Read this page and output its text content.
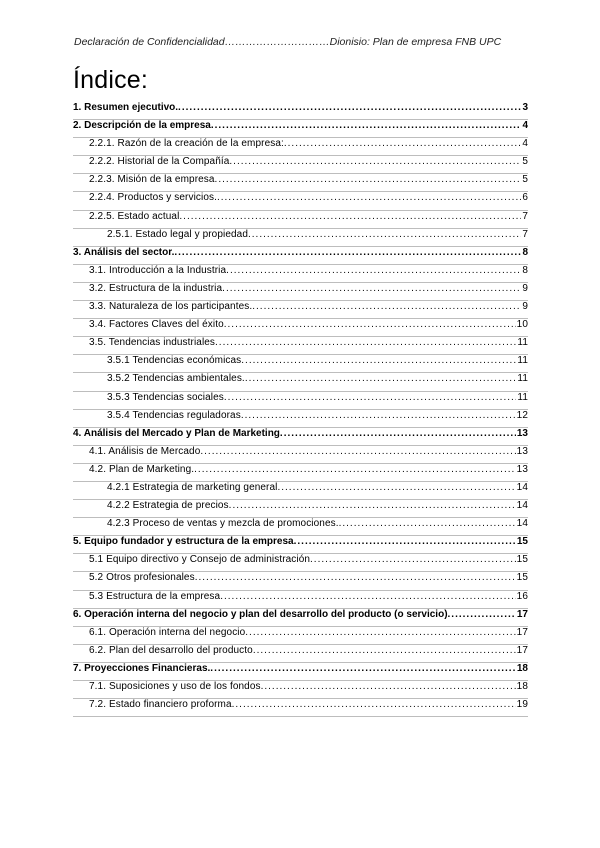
Declaración de Confidencialidad…………………………Dionisio: Plan de empresa FNB UPC
Índice:
1. Resumen ejecutivo. .....	3
2. Descripción de la empresa .....	4
2.2.1. Razón de la creación de la empresa: .....	4
2.2.2. Historial de la Compañía .....	5
2.2.3. Misión de la empresa .....	5
2.2.4. Productos y servicios. .....	6
2.2.5. Estado actual .....	7
2.5.1. Estado legal y propiedad .....	7
3. Análisis del sector. .....	8
3.1. Introducción a la Industria .....	8
3.2. Estructura de la industria .....	9
3.3. Naturaleza de los participantes. .....	9
3.4. Factores Claves del éxito .....	10
3.5. Tendencias industriales .....	11
3.5.1 Tendencias económicas .....	11
3.5.2 Tendencias ambientales. .....	11
3.5.3 Tendencias sociales .....	11
3.5.4 Tendencias reguladoras .....	12
4. Análisis del Mercado y Plan de Marketing .....	13
4.1. Análisis de Mercado .....	13
4.2. Plan de Marketing. .....	13
4.2.1 Estrategia de marketing general .....	14
4.2.2 Estrategia de precios .....	14
4.2.3 Proceso de ventas y mezcla de promociones. .....	14
5. Equipo fundador y estructura de la empresa .....	15
5.1 Equipo directivo y Consejo de administración .....	15
5.2 Otros profesionales .....	15
5.3 Estructura de la empresa .....	16
6. Operación interna del negocio y plan del desarrollo del producto (o servicio) .....	17
6.1. Operación interna del negocio .....	17
6.2. Plan del desarrollo del producto .....	17
7. Proyecciones Financieras. .....	18
7.1. Suposiciones y uso de los fondos .....	18
7.2. Estado financiero proforma .....	19
